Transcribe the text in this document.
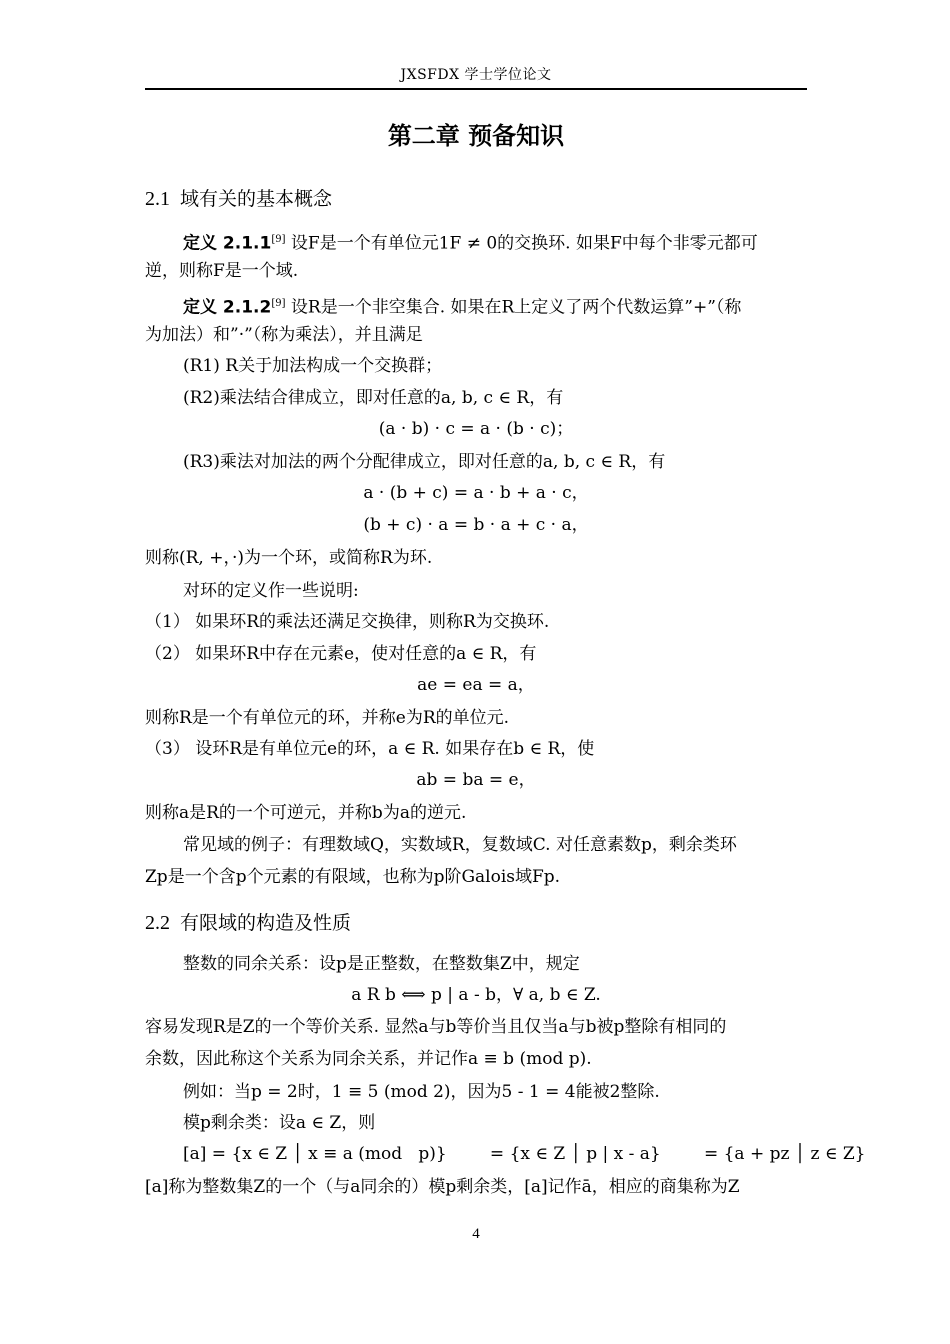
JXSFDX 学士学位论文
第二章 预备知识
2.1 域有关的基本概念
定义 2.1.1[9] 设F是一个有单位元1F ≠ 0的交换环. 如果F中每个非零元都可
逆，则称F是一个域.
定义 2.1.2[9] 设R是一个非空集合. 如果在R上定义了两个代数运算”+”（称
为加法）和”·”（称为乘法），并且满足
(R1) R关于加法构成一个交换群；
(R2)乘法结合律成立，即对任意的a, b, c ∈ R，有
(a · b) · c = a · (b · c)；
(R3)乘法对加法的两个分配律成立，即对任意的a, b, c ∈ R，有
a · (b + c) = a · b + a · c，
(b + c) · a = b · a + c · a，
则称(R, +，·)为一个环，或简称R为环.
对环的定义作一些说明:
（1） 如果环R的乘法还满足交换律，则称R为交换环.
（2） 如果环R中存在元素e，使对任意的a ∈ R，有
ae = ea = a，
则称R是一个有单位元的环，并称e为R的单位元.
（3） 设环R是有单位元e的环，a ∈ R. 如果存在b ∈ R，使
ab = ba = e，
则称a是R的一个可逆元，并称b为a的逆元.
常见域的例子：有理数域Q，实数域R，复数域C. 对任意素数p，剩余类环
Zp是一个含p个元素的有限域，也称为p阶Galois域Fp.
2.2 有限域的构造及性质
整数的同余关系：设p是正整数，在整数集Z中，规定
a R b ⟺ p | a - b，∀ a, b ∈ Z.
容易发现R是Z的一个等价关系. 显然a与b等价当且仅当a与b被p整除有相同的
余数，因此称这个关系为同余关系，并记作a ≡ b (mod p).
例如：当p = 2时，1 ≡ 5 (mod 2)，因为5 - 1 = 4能被2整除.
模p剩余类：设a ∈ Z，则
[a] = {x ∈ Z │ x ≡ a (mod   p)}        = {x ∈ Z │ p | x - a}        = {a + pz │ z ∈ Z}
[a]称为整数集Z的一个（与a同余的）模p剩余类，[a]记作ā，相应的商集称为Z
4
